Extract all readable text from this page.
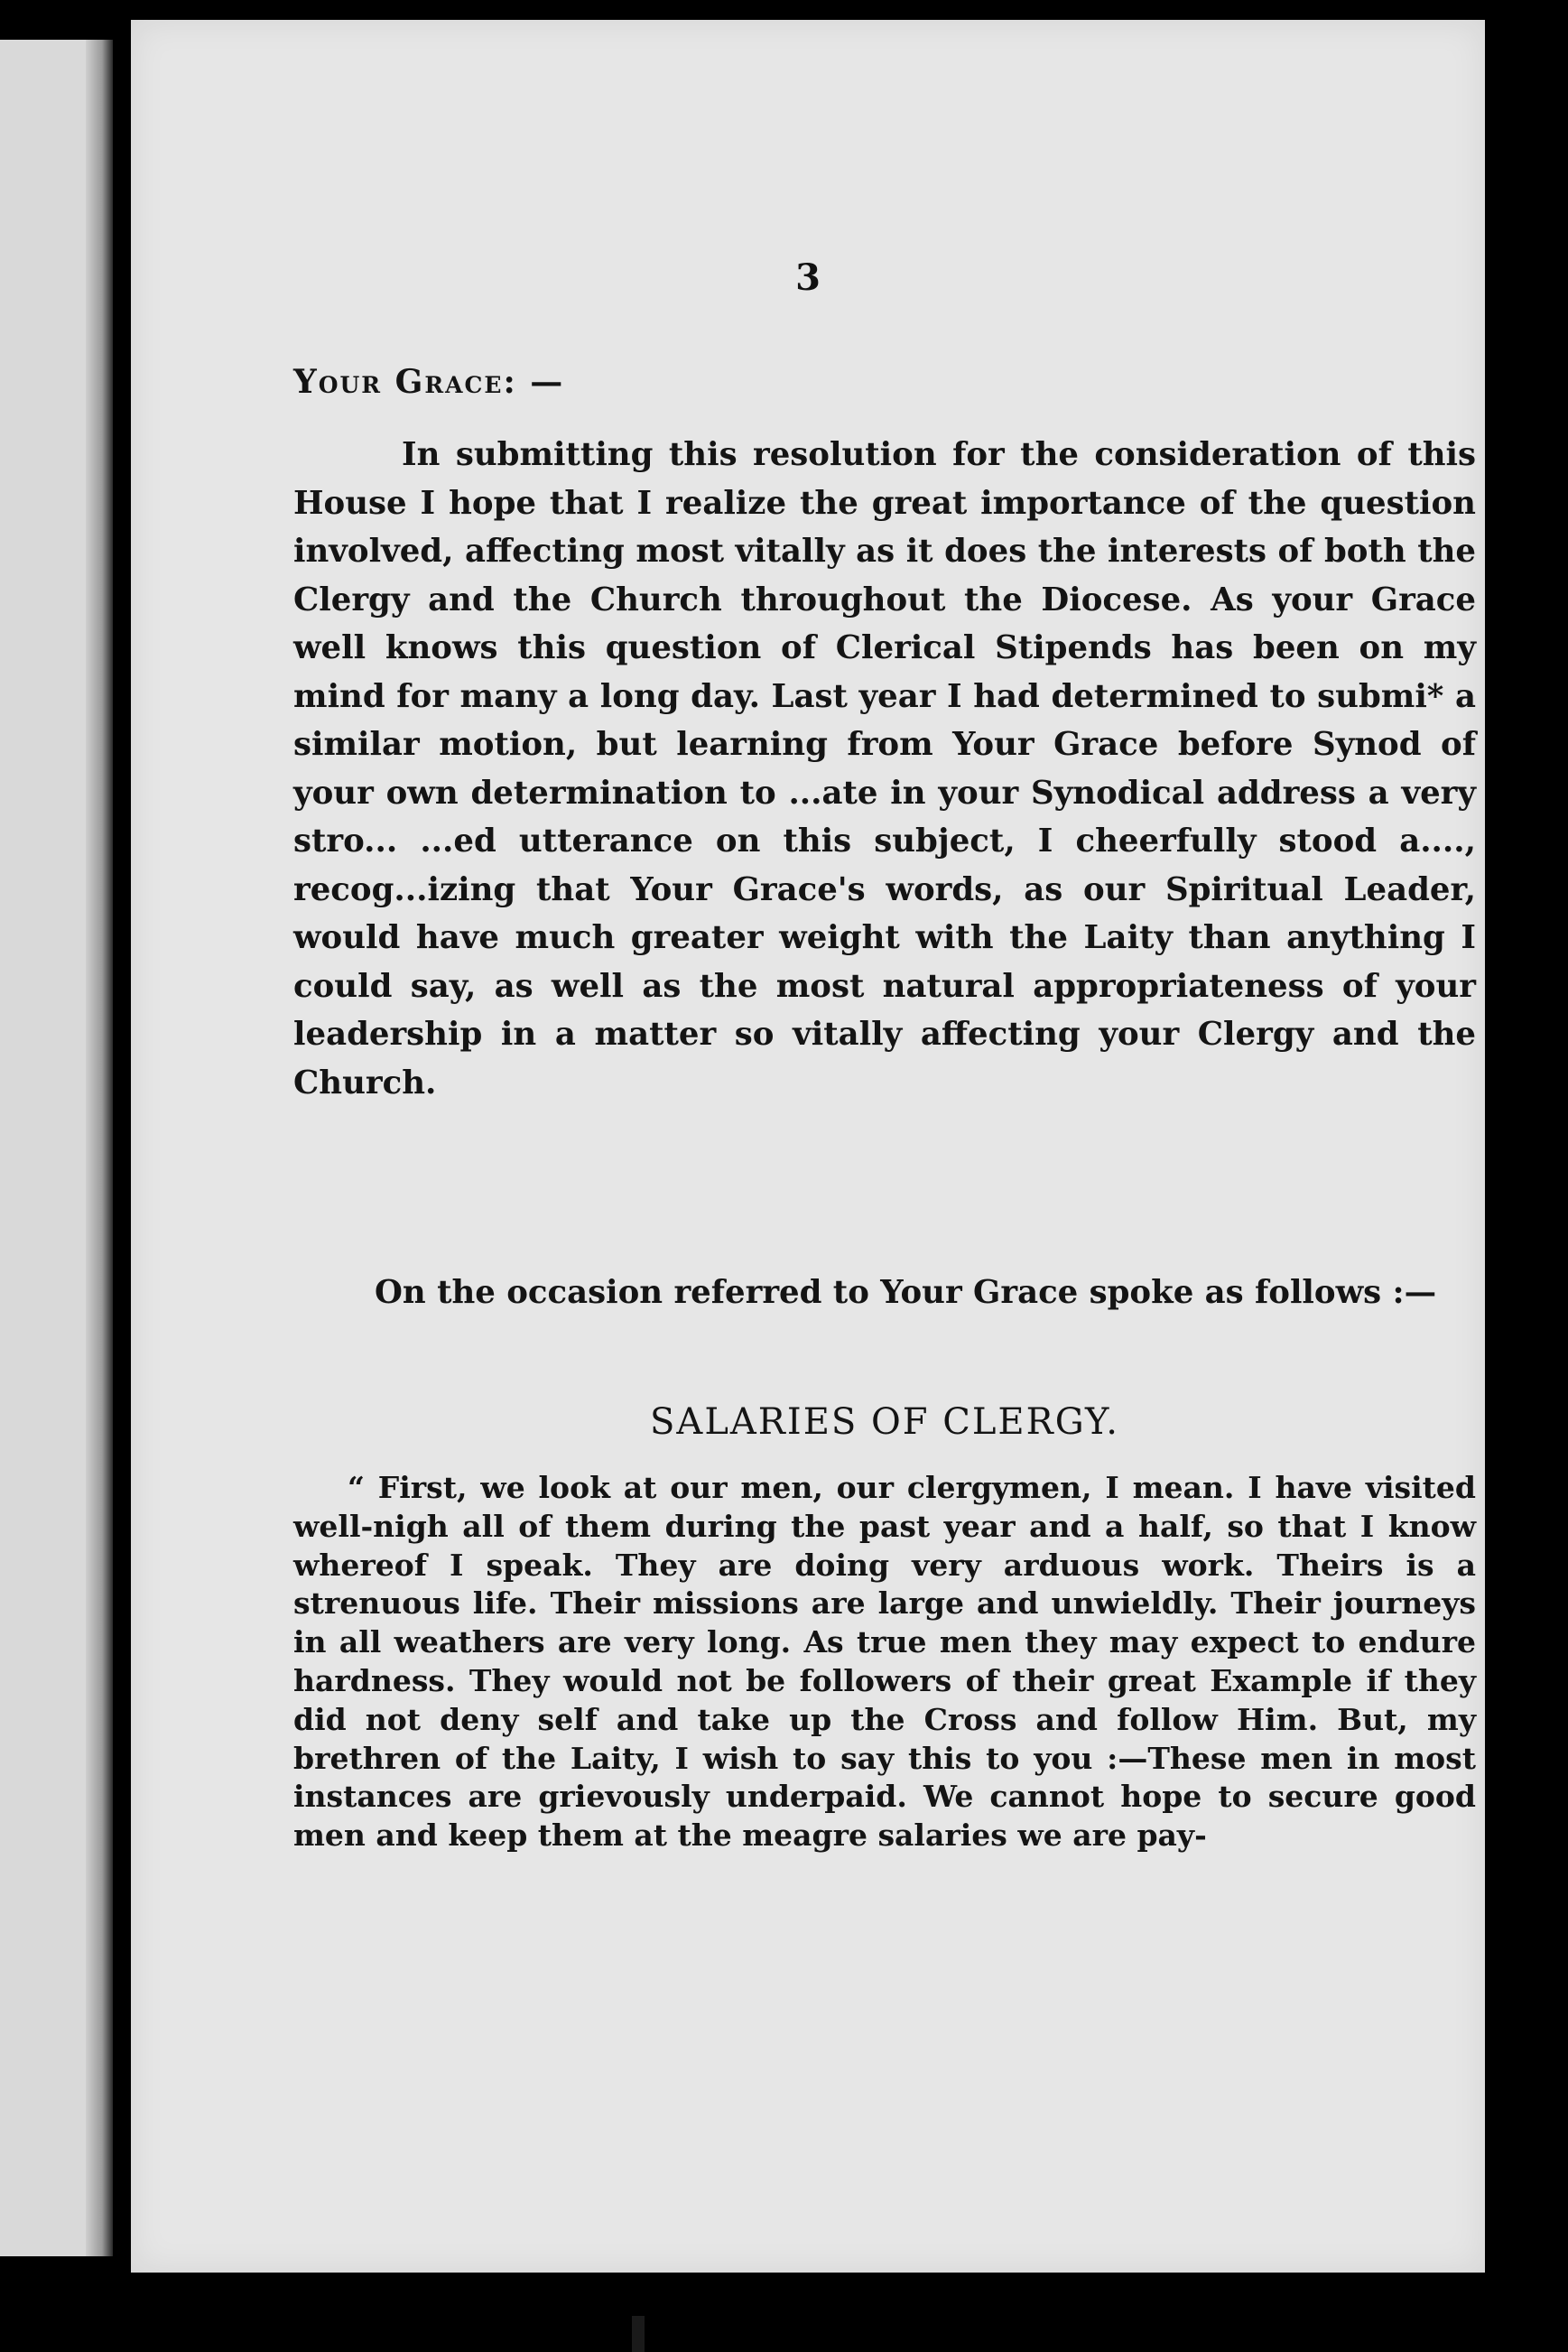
3
Your Grace: —
In submitting this resolution for the consideration of this House I hope that I realize the great importance of the question involved, affecting most vitally as it does the interests of both the Clergy and the Church throughout the Diocese. As your Grace well knows this question of Clerical Stipends has been on my mind for many a long day. Last year I had determined to submi* a similar motion, but learning from Your Grace before Synod of your own determination to ...ate in your Synodical address a very stro... ...ed utterance on this subject, I cheerfully stood a...., recog...izing that Your Grace's words, as our Spiritual Leader, would have much greater weight with the Laity than anything I could say, as well as the most natural appropriateness of your leadership in a matter so vitally affecting your Clergy and the Church.
On the occasion referred to Your Grace spoke as follows :—
SALARIES OF CLERGY.
“ First, we look at our men, our clergymen, I mean. I have visited well-nigh all of them during the past year and a half, so that I know whereof I speak. They are doing very arduous work. Theirs is a strenuous life. Their missions are large and unwieldly. Their journeys in all weathers are very long. As true men they may expect to endure hardness. They would not be followers of their great Example if they did not deny self and take up the Cross and follow Him. But, my brethren of the Laity, I wish to say this to you :—These men in most instances are grievously underpaid. We cannot hope to secure good men and keep them at the meagre salaries we are pay-
